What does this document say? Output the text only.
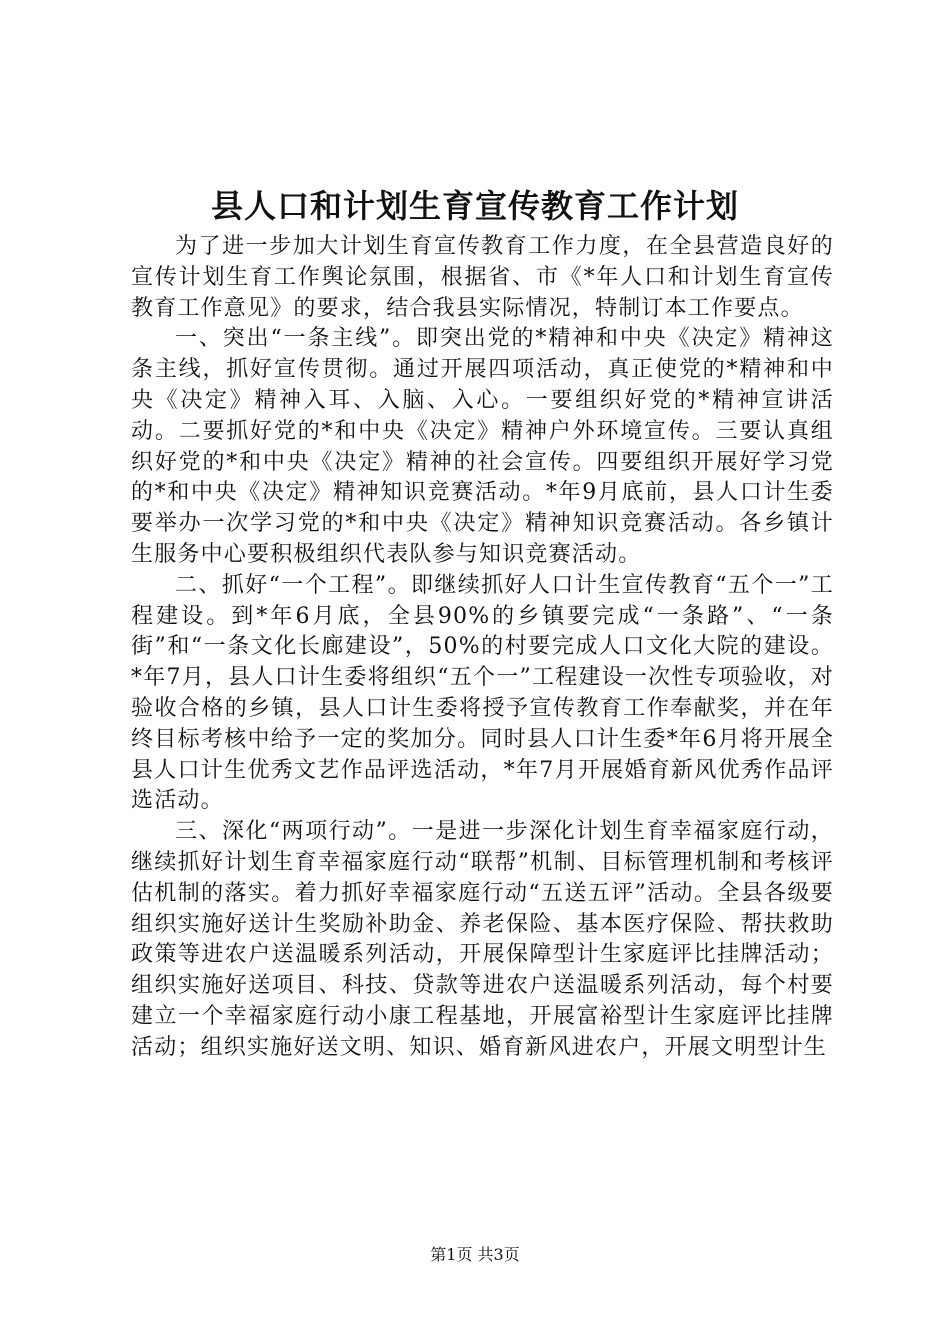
县人口和计划生育宣传教育工作计划

为了进一步加大计划生育宣传教育工作力度，在全县营造良好的宣传计划生育工作舆论氛围，根据省、市《*年人口和计划生育宣传教育工作意见》的要求，结合我县实际情况，特制订本工作要点。

一、突出“一条主线”。即突出党的*精神和中央《决定》精神这条主线，抓好宣传贯彻。通过开展四项活动，真正使党的*精神和中央《决定》精神入耳、入脑、入心。一要组织好党的*精神宣讲活动。二要抓好党的*和中央《决定》精神户外环境宣传。三要认真组织好党的*和中央《决定》精神的社会宣传。四要组织开展好学习党的*和中央《决定》精神知识竞赛活动。*年9月底前，县人口计生委要举办一次学习党的*和中央《决定》精神知识竞赛活动。各乡镇计生服务中心要积极组织代表队参与知识竞赛活动。

二、抓好“一个工程”。即继续抓好人口计生宣传教育“五个一”工程建设。到*年6月底，全县90%的乡镇要完成“一条路”、“一条街”和“一条文化长廊建设”，50%的村要完成人口文化大院的建设。*年7月，县人口计生委将组织“五个一”工程建设一次性专项验收，对验收合格的乡镇，县人口计生委将授予宣传教育工作奉献奖，并在年终目标考核中给予一定的奖加分。同时县人口计生委*年6月将开展全县人口计生优秀文艺作品评选活动，*年7月开展婚育新风优秀作品评选活动。

三、深化“两项行动”。一是进一步深化计划生育幸福家庭行动，继续抓好计划生育幸福家庭行动“联帮”机制、目标管理机制和考核评估机制的落实。着力抓好幸福家庭行动“五送五评”活动。全县各级要组织实施好送计生奖励补助金、养老保险、基本医疗保险、帮扶救助政策等进农户送温暖系列活动，开展保障型计生家庭评比挂牌活动；组织实施好送项目、科技、贷款等进农户送温暖系列活动，每个村要建立一个幸福家庭行动小康工程基地，开展富裕型计生家庭评比挂牌活动；组织实施好送文明、知识、婚育新风进农户，开展文明型计生

第1页 共3页
